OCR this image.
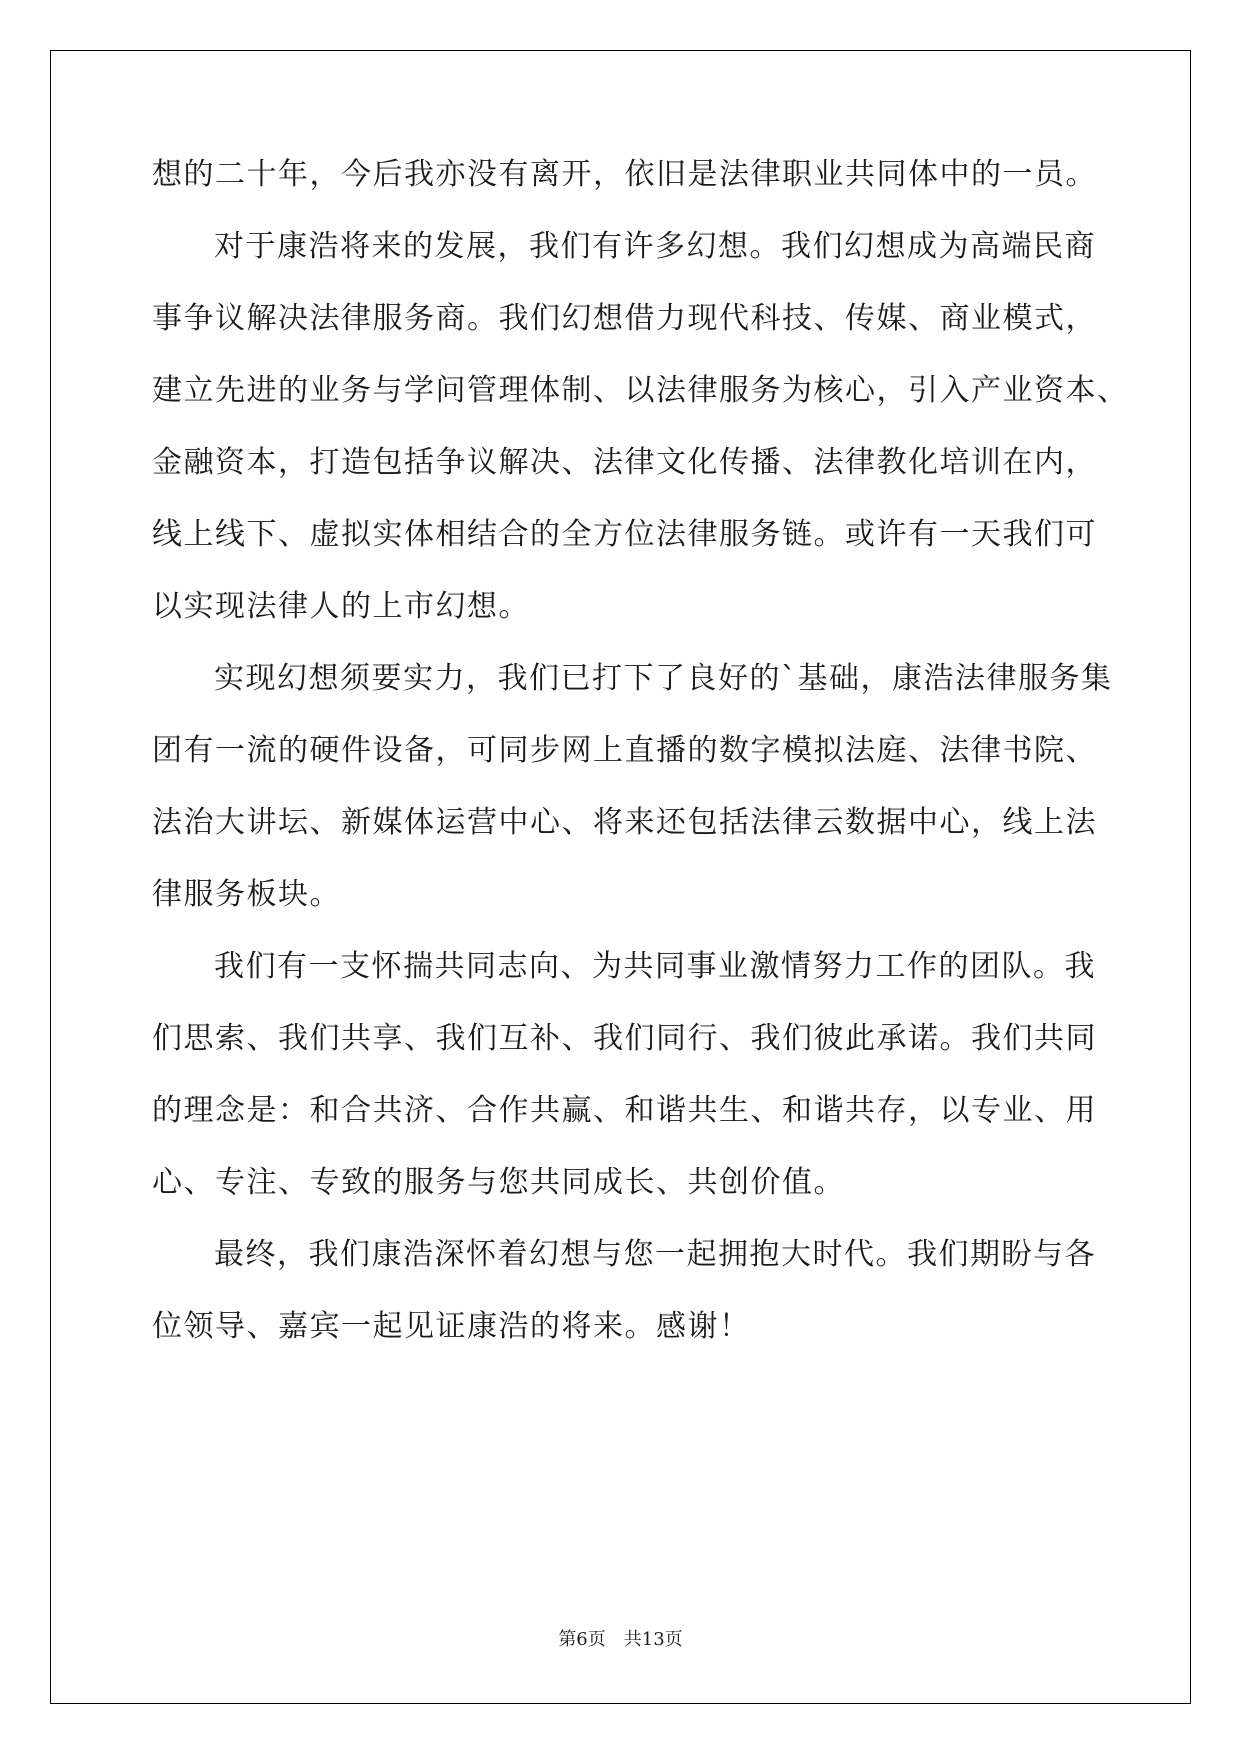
想的二十年，今后我亦没有离开，依旧是法律职业共同体中的一员。
对于康浩将来的发展，我们有许多幻想。我们幻想成为高端民商
事争议解决法律服务商。我们幻想借力现代科技、传媒、商业模式，
建立先进的业务与学问管理体制、以法律服务为核心，引入产业资本、
金融资本，打造包括争议解决、法律文化传播、法律教化培训在内，
线上线下、虚拟实体相结合的全方位法律服务链。或许有一天我们可
以实现法律人的上市幻想。
实现幻想须要实力，我们已打下了良好的`基础，康浩法律服务集
团有一流的硬件设备，可同步网上直播的数字模拟法庭、法律书院、
法治大讲坛、新媒体运营中心、将来还包括法律云数据中心，线上法
律服务板块。
我们有一支怀揣共同志向、为共同事业激情努力工作的团队。我
们思索、我们共享、我们互补、我们同行、我们彼此承诺。我们共同
的理念是：和合共济、合作共赢、和谐共生、和谐共存，以专业、用
心、专注、专致的服务与您共同成长、共创价值。
最终，我们康浩深怀着幻想与您一起拥抱大时代。我们期盼与各
位领导、嘉宾一起见证康浩的将来。感谢！
第6页 共13页
